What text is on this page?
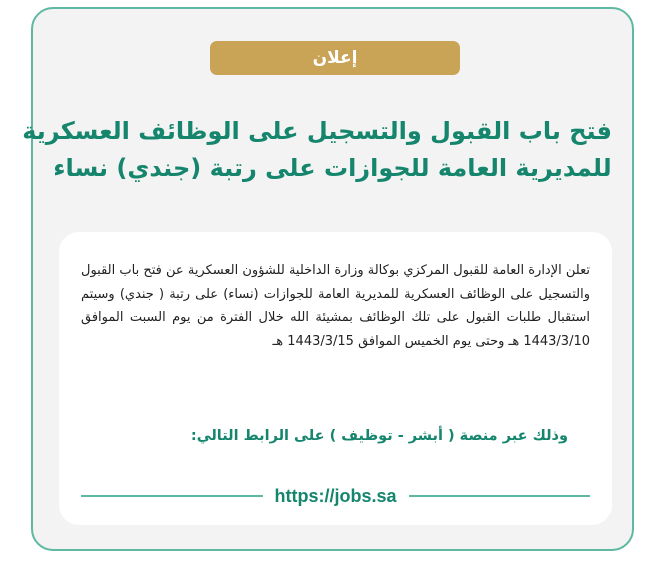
إعلان
فتح باب القبول والتسجيل على الوظائف العسكرية
للمديرية العامة للجوازات على رتبة (جندي) نساء
تعلن الإدارة العامة للقبول المركزي بوكالة وزارة الداخلية للشؤون العسكرية عن فتح باب القبول والتسجيل على الوظائف العسكرية للمديرية العامة للجوازات (نساء) على رتبة ( جندي) وسيتم استقبال طلبات القبول على تلك الوظائف بمشيئة الله خلال الفترة من يوم السبت الموافق 1443/3/10 هـ وحتى يوم الخميس الموافق 1443/3/15 هـ
وذلك عبر منصة ( أبشر - توظيف ) على الرابط التالي:
https://jobs.sa
